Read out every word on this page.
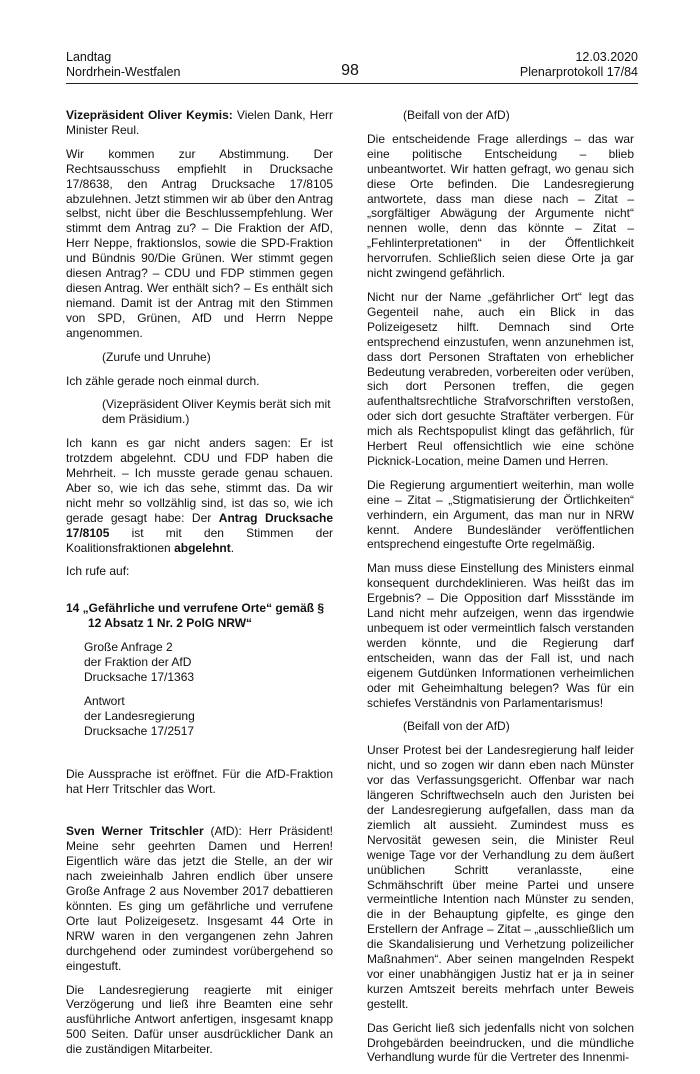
Landtag
Nordrhein-Westfalen	98
12.03.2020
Plenarprotokoll 17/84

Vizepräsident Oliver Keymis: Vielen Dank, Herr Minister Reul.

Wir kommen zur Abstimmung. Der Rechtsausschuss empfiehlt in Drucksache 17/8638, den Antrag Drucksache 17/8105 abzulehnen. Jetzt stimmen wir ab über den Antrag selbst, nicht über die Beschlussempfehlung. Wer stimmt dem Antrag zu? – Die Fraktion der AfD, Herr Neppe, fraktionslos, sowie die SPD-Fraktion und Bündnis 90/Die Grünen. Wer stimmt gegen diesen Antrag? – CDU und FDP stimmen gegen diesen Antrag. Wer enthält sich? – Es enthält sich niemand. Damit ist der Antrag mit den Stimmen von SPD, Grünen, AfD und Herrn Neppe angenommen.

(Zurufe und Unruhe)

Ich zähle gerade noch einmal durch.

(Vizepräsident Oliver Keymis berät sich mit dem Präsidium.)

Ich kann es gar nicht anders sagen: Er ist trotzdem abgelehnt. CDU und FDP haben die Mehrheit. – Ich musste gerade genau schauen. Aber so, wie ich das sehe, stimmt das. Da wir nicht mehr so vollzählig sind, ist das so, wie ich gerade gesagt habe: Der Antrag Drucksache 17/8105 ist mit den Stimmen der Koalitionsfraktionen abgelehnt.

Ich rufe auf:

14 „Gefährliche und verrufene Orte“ gemäß § 12 Absatz 1 Nr. 2 PolG NRW“

Große Anfrage 2
der Fraktion der AfD
Drucksache 17/1363
Antwort
der Landesregierung
Drucksache 17/2517

Die Aussprache ist eröffnet. Für die AfD-Fraktion hat Herr Tritschler das Wort.

Sven Werner Tritschler (AfD): Herr Präsident! Meine sehr geehrten Damen und Herren! Eigentlich wäre das jetzt die Stelle, an der wir nach zweieinhalb Jahren endlich über unsere Große Anfrage 2 aus November 2017 debattieren könnten. Es ging um gefährliche und verrufene Orte laut Polizeigesetz. Insgesamt 44 Orte in NRW waren in den vergangenen zehn Jahren durchgehend oder zumindest vorübergehend so eingestuft.

Die Landesregierung reagierte mit einiger Verzögerung und ließ ihre Beamten eine sehr ausführliche Antwort anfertigen, insgesamt knapp 500 Seiten. Dafür unser ausdrücklicher Dank an die zuständigen Mitarbeiter.

(Beifall von der AfD)

Die entscheidende Frage allerdings – das war eine politische Entscheidung – blieb unbeantwortet. Wir hatten gefragt, wo genau sich diese Orte befinden. Die Landesregierung antwortete, dass man diese nach – Zitat – „sorgfältiger Abwägung der Argumente nicht“ nennen wolle, denn das könnte – Zitat – „Fehlinterpretationen“ in der Öffentlichkeit hervorrufen. Schließlich seien diese Orte ja gar nicht zwingend gefährlich.

Nicht nur der Name „gefährlicher Ort“ legt das Gegenteil nahe, auch ein Blick in das Polizeigesetz hilft. Demnach sind Orte entsprechend einzustufen, wenn anzunehmen ist, dass dort Personen Straftaten von erheblicher Bedeutung verabreden, vorbereiten oder verüben, sich dort Personen treffen, die gegen aufenthaltsrechtliche Strafvorschriften verstoßen, oder sich dort gesuchte Straftäter verbergen. Für mich als Rechtspopulist klingt das gefährlich, für Herbert Reul offensichtlich wie eine schöne Picknick-Location, meine Damen und Herren.

Die Regierung argumentiert weiterhin, man wolle eine – Zitat – „Stigmatisierung der Örtlichkeiten“ verhindern, ein Argument, das man nur in NRW kennt. Andere Bundesländer veröffentlichen entsprechend eingestufte Orte regelmäßig.

Man muss diese Einstellung des Ministers einmal konsequent durchdeklinieren. Was heißt das im Ergebnis? – Die Opposition darf Missstände im Land nicht mehr aufzeigen, wenn das irgendwie unbequem ist oder vermeintlich falsch verstanden werden könnte, und die Regierung darf entscheiden, wann das der Fall ist, und nach eigenem Gutdünken Informationen verheimlichen oder mit Geheimhaltung belegen? Was für ein schiefes Verständnis von Parlamentarismus!

(Beifall von der AfD)

Unser Protest bei der Landesregierung half leider nicht, und so zogen wir dann eben nach Münster vor das Verfassungsgericht. Offenbar war nach längeren Schriftwechseln auch den Juristen bei der Landesregierung aufgefallen, dass man da ziemlich alt aussieht. Zumindest muss es Nervosität gewesen sein, die Minister Reul wenige Tage vor der Verhandlung zu dem äußert unüblichen Schritt veranlasste, eine Schmähschrift über meine Partei und unsere vermeintliche Intention nach Münster zu senden, die in der Behauptung gipfelte, es ginge den Erstellern der Anfrage – Zitat – „ausschließlich um die Skandalisierung und Verhetzung polizeilicher Maßnahmen“. Aber seinen mangelnden Respekt vor einer unabhängigen Justiz hat er ja in seiner kurzen Amtszeit bereits mehrfach unter Beweis gestellt.

Das Gericht ließ sich jedenfalls nicht von solchen Drohgebärden beeindrucken, und die mündliche Verhandlung wurde für die Vertreter des Innenmi-
